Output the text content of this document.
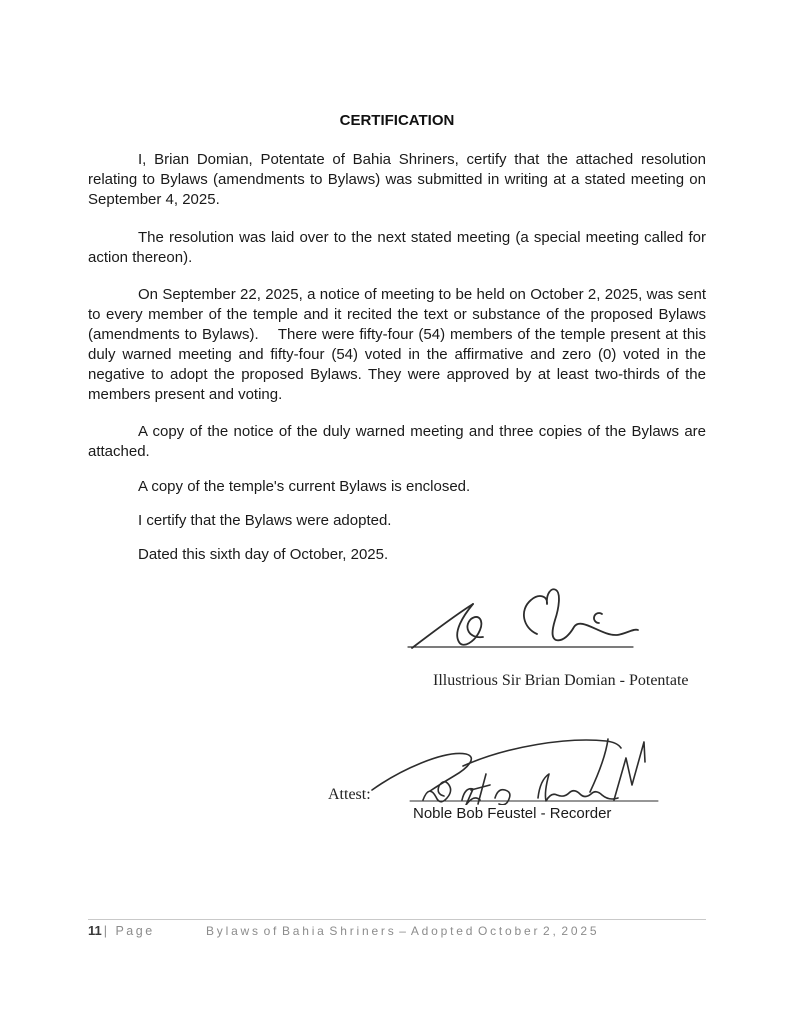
CERTIFICATION

I, Brian Domian, Potentate of Bahia Shriners, certify that the attached resolution relating to Bylaws (amendments to Bylaws) was submitted in writing at a stated meeting on September 4, 2025.

The resolution was laid over to the next stated meeting (a special meeting called for action thereon).

On September 22, 2025, a notice of meeting to be held on October 2, 2025, was sent to every member of the temple and it recited the text or substance of the proposed Bylaws (amendments to Bylaws).    There were fifty-four (54) members of the temple present at this duly warned meeting and fifty-four (54) voted in the affirmative and zero (0) voted in the negative to adopt the proposed Bylaws. They were approved by at least two-thirds of the members present and voting.

A copy of the notice of the duly warned meeting and three copies of the Bylaws are attached.

A copy of the temple's current Bylaws is enclosed.

I certify that the Bylaws were adopted.

Dated this sixth day of October, 2025.

Illustrious Sir Brian Domian - Potentate
Attest:
Noble Bob Feustel - Recorder
11 | Page	Bylaws of Bahia Shriners – Adopted October 2, 2025
